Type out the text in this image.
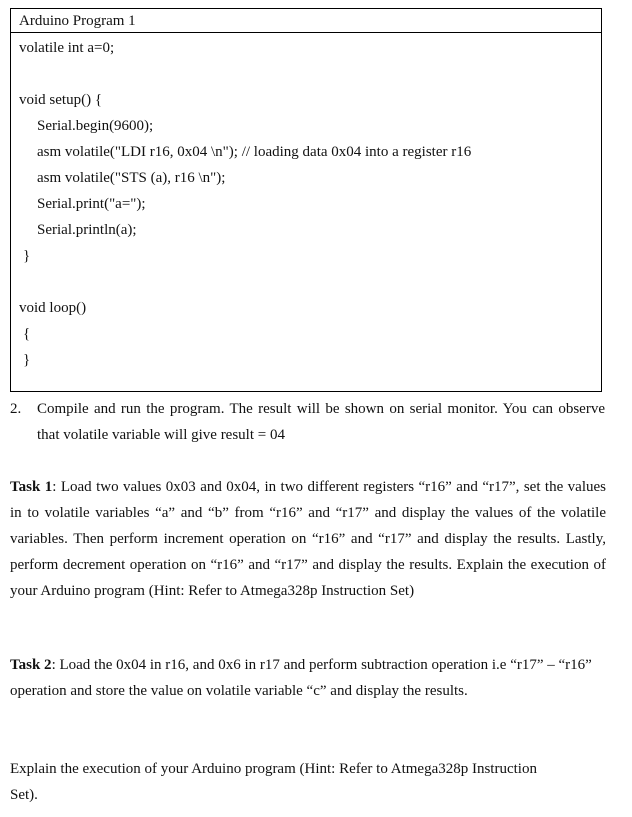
Arduino Program 1
volatile int a=0;
void setup() {
Serial.begin(9600);
asm volatile("LDI r16, 0x04 \n"); // loading data 0x04 into a register r16
asm volatile("STS (a), r16 \n");
Serial.print("a=");
Serial.println(a);
}
void loop()
{
}
2. Compile and run the program. The result will be shown on serial monitor. You can observe that volatile variable will give result = 04
Task 1: Load two values 0x03 and 0x04, in two different registers “r16” and “r17”, set the values in to volatile variables “a” and “b” from “r16” and “r17” and display the values of the volatile variables. Then perform increment operation on “r16” and “r17” and display the results. Lastly, perform decrement operation on “r16” and “r17” and display the results. Explain the execution of your Arduino program (Hint: Refer to Atmega328p Instruction Set)
Task 2: Load the 0x04 in r16, and 0x6 in r17 and perform subtraction operation i.e “r17” – “r16” operation and store the value on volatile variable “c” and display the results.
Explain the execution of your Arduino program (Hint: Refer to Atmega328p Instruction Set).
